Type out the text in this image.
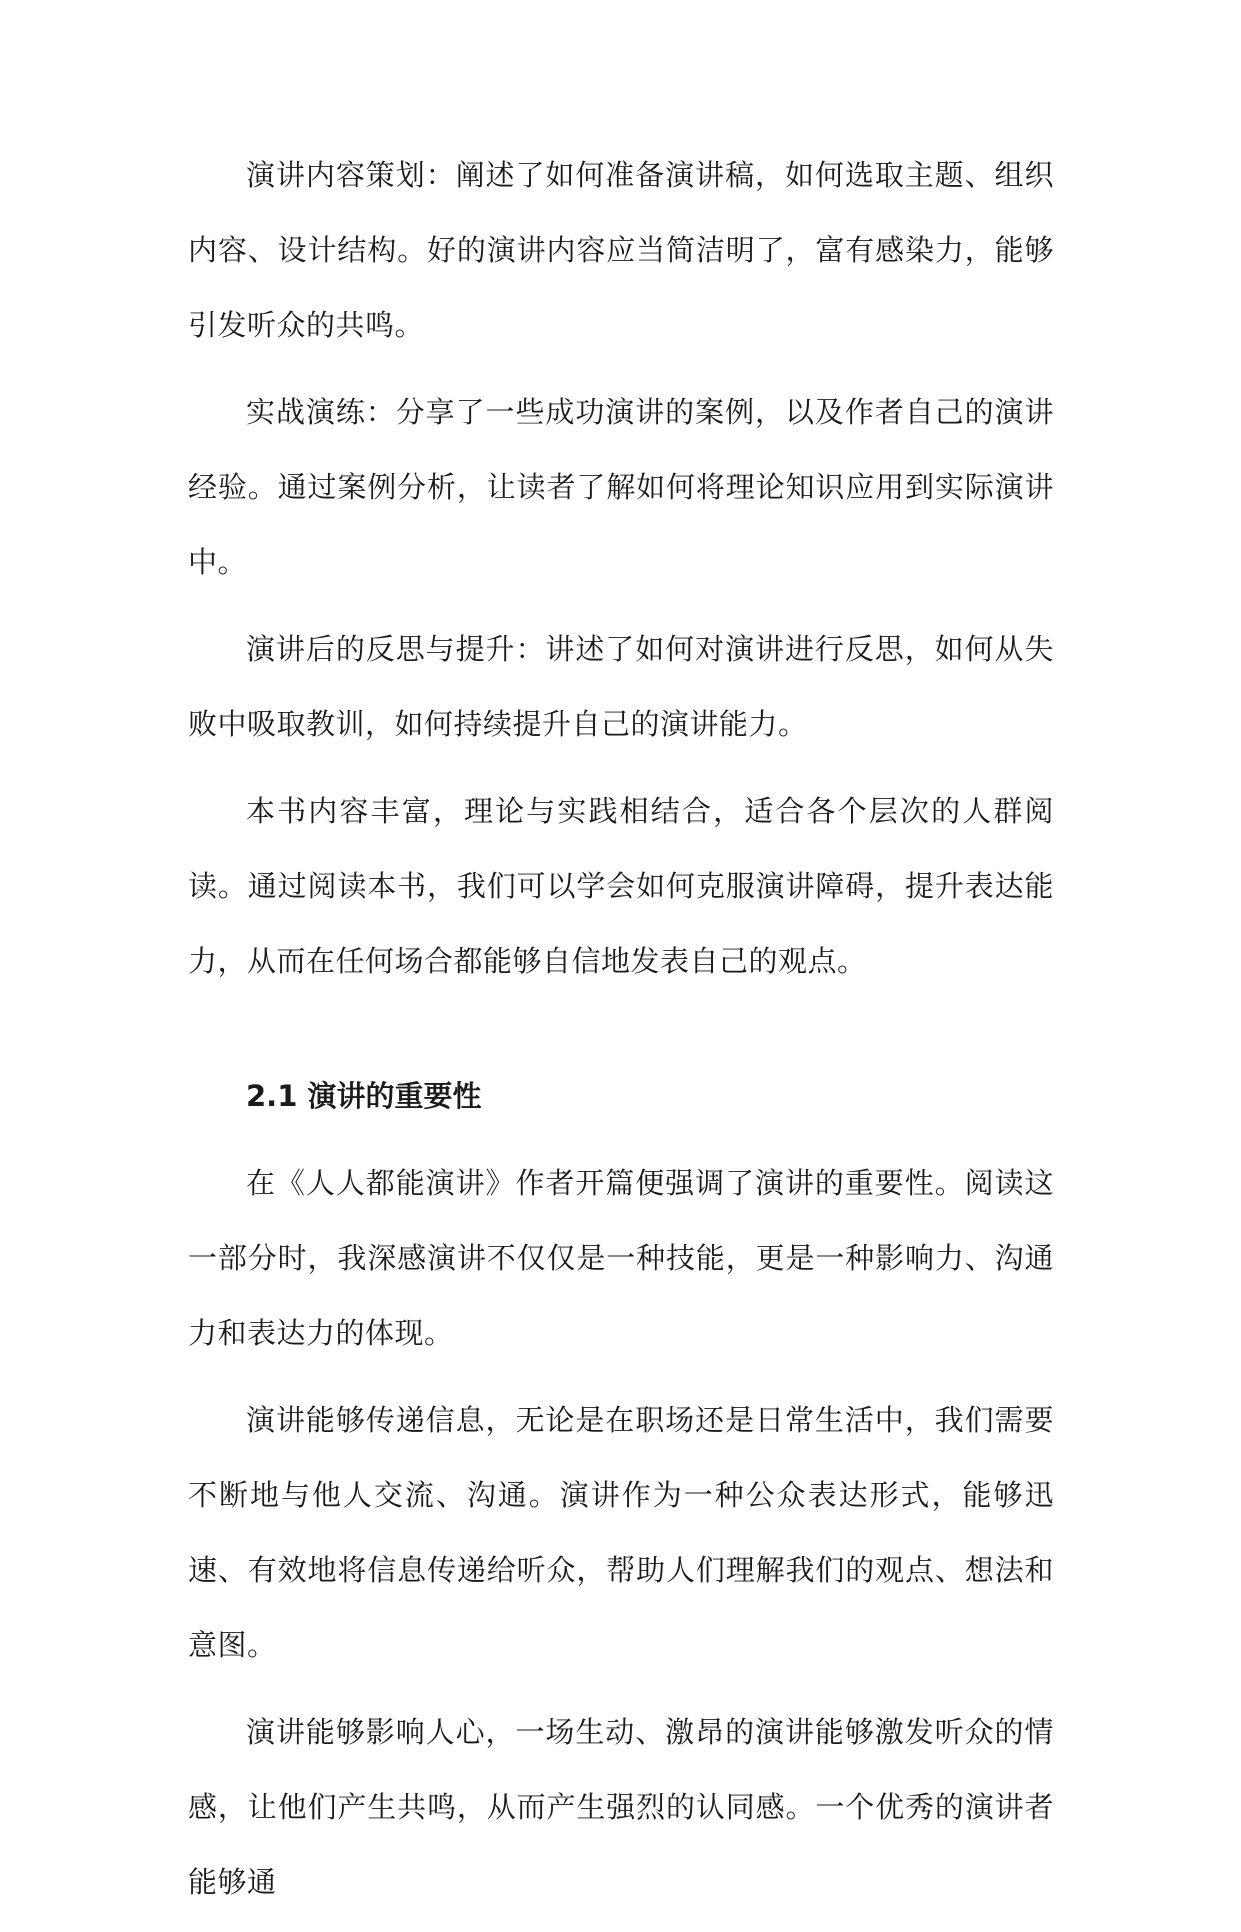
演讲内容策划：阐述了如何准备演讲稿，如何选取主题、组织内容、设计结构。好的演讲内容应当简洁明了，富有感染力，能够引发听众的共鸣。

实战演练：分享了一些成功演讲的案例，以及作者自己的演讲经验。通过案例分析，让读者了解如何将理论知识应用到实际演讲中。

演讲后的反思与提升：讲述了如何对演讲进行反思，如何从失败中吸取教训，如何持续提升自己的演讲能力。

本书内容丰富，理论与实践相结合，适合各个层次的人群阅读。通过阅读本书，我们可以学会如何克服演讲障碍，提升表达能力，从而在任何场合都能够自信地发表自己的观点。

2.1 演讲的重要性

在《人人都能演讲》作者开篇便强调了演讲的重要性。阅读这一部分时，我深感演讲不仅仅是一种技能，更是一种影响力、沟通力和表达力的体现。

演讲能够传递信息，无论是在职场还是日常生活中，我们需要不断地与他人交流、沟通。演讲作为一种公众表达形式，能够迅速、有效地将信息传递给听众，帮助人们理解我们的观点、想法和意图。

演讲能够影响人心，一场生动、激昂的演讲能够激发听众的情感，让他们产生共鸣，从而产生强烈的认同感。一个优秀的演讲者能够通
